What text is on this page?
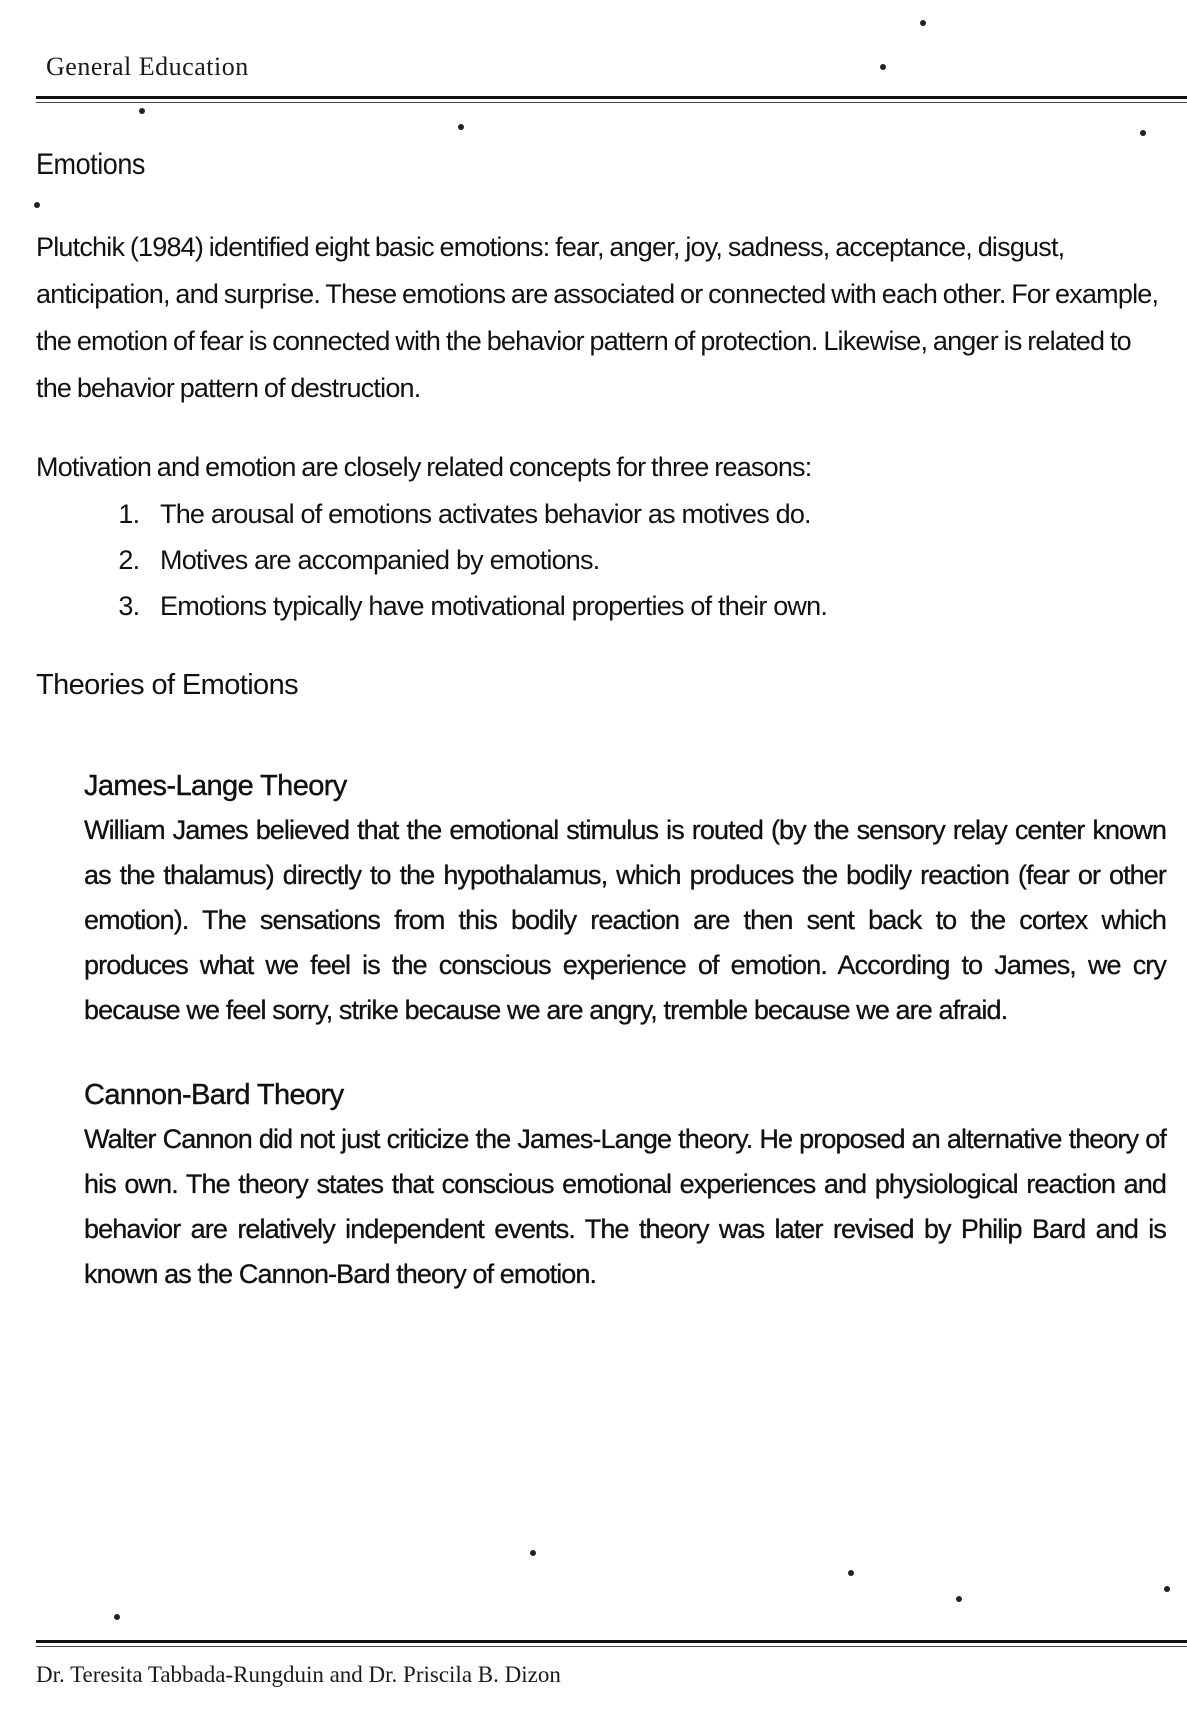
General Education
Emotions

Plutchik (1984) identified eight basic emotions: fear, anger, joy, sadness, acceptance, disgust, anticipation, and surprise. These emotions are associated or connected with each other. For example, the emotion of fear is connected with the behavior pattern of protection. Likewise, anger is related to the behavior pattern of destruction.

Motivation and emotion are closely related concepts for three reasons:

1. The arousal of emotions activates behavior as motives do.
2. Motives are accompanied by emotions.
3. Emotions typically have motivational properties of their own.
Theories of Emotions
James-Lange Theory

William James believed that the emotional stimulus is routed (by the sensory relay center known as the thalamus) directly to the hypothalamus, which produces the bodily reaction (fear or other emotion). The sensations from this bodily reaction are then sent back to the cortex which produces what we feel is the conscious experience of emotion. According to James, we cry because we feel sorry, strike because we are angry, tremble because we are afraid.

Cannon-Bard Theory

Walter Cannon did not just criticize the James-Lange theory. He proposed an alternative theory of his own. The theory states that conscious emotional experiences and physiological reaction and behavior are relatively independent events. The theory was later revised by Philip Bard and is known as the Cannon-Bard theory of emotion.

Dr. Teresita Tabbada-Rungduin and Dr. Priscila B. Dizon
